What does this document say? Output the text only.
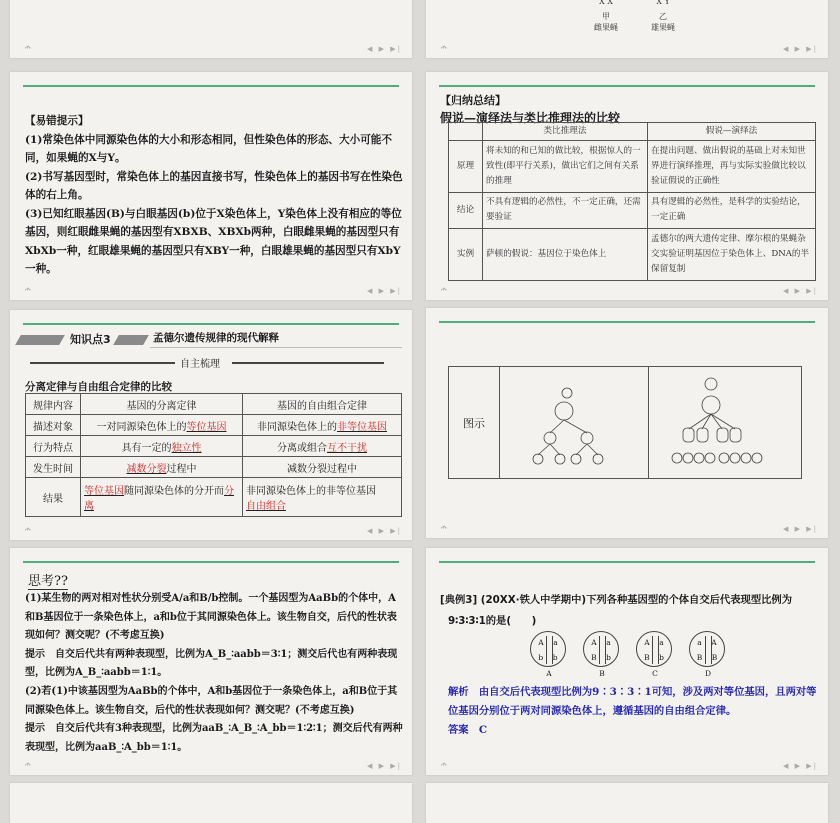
ሐ	◀ ▶ ▶|
X X	X Y
甲	乙
雌果蝇	雄果蝇
ሐ	◀ ▶ ▶|
【易错提示】
(1)常染色体中同源染色体的大小和形态相同，但性染色体的形态、大小可能不同，如果蝇的X与Y。
(2)书写基因型时，常染色体上的基因直接书写，性染色体上的基因书写在性染色体的右上角。
(3)已知红眼基因(B)与白眼基因(b)位于X染色体上，Y染色体上没有相应的等位基因，则红眼雌果蝇的基因型有XBXB、XBXb两种，白眼雌果蝇的基因型只有XbXb一种，红眼雄果蝇的基因型只有XBY一种，白眼雄果蝇的基因型只有XbY一种。
ሐ	◀ ▶ ▶|
【归纳总结】
假说—演绎法与类比推理法的比较
	类比推理法	假说—演绎法
原理	将未知的和已知的做比较，根据惊人的一致性(即平行关系)，做出它们之间有关系的推理	在提出问题、做出假说的基础上对未知世界进行演绎推理，再与实际实验做比较以验证假说的正确性
结论	不具有逻辑的必然性，不一定正确，还需要验证	具有逻辑的必然性，是科学的实验结论，一定正确
实例	萨顿的假说：基因位于染色体上	孟德尔的两大遗传定律、摩尔根的果蝇杂交实验证明基因位于染色体上、DNA的半保留复制
ሐ	◀ ▶ ▶|
知识点3	孟德尔遗传规律的现代解释
自主梳理
分离定律与自由组合定律的比较
规律内容	基因的分离定律	基因的自由组合定律
描述对象	一对同源染色体上的等位基因	非同源染色体上的非等位基因
行为特点	具有一定的独立性	分离或组合互不干扰
发生时间	减数分裂过程中	减数分裂过程中
结果	等位基因随同源染色体的分开而分离	非同源染色体上的非等位基因
自由组合
ሐ	◀ ▶ ▶|
图示		
ሐ	◀ ▶ ▶|
思考??
(1)某生物的两对相对性状分别受A/a和B/b控制。一个基因型为AaBb的个体中，A和B基因位于一条染色体上，a和b位于其同源染色体上。该生物自交，后代的性状表现如何？测交呢？(不考虑互换)
提示　自交后代共有两种表现型，比例为A_B_∶aabb＝3∶1；测交后代也有两种表现型，比例为A_B_∶aabb＝1∶1。
(2)若(1)中该基因型为AaBb的个体中，A和b基因位于一条染色体上，a和B位于其同源染色体上。该生物自交，后代的性状表现如何？测交呢？(不考虑互换)
提示　自交后代共有3种表现型，比例为aaB_∶A_B_∶A_bb＝1∶2∶1；测交后代有两种表现型，比例为aaB_∶A_bb＝1∶1。
ሐ	◀ ▶ ▶|
[典例3] (20XX·铁人中学期中)下列各种基因型的个体自交后代表现型比例为9∶3∶3∶1的是(　　)
A a
b b
A
A a
B b
B
A a
B b
C
a A
B B
D
解析　由自交后代表现型比例为9∶3∶3∶1可知，涉及两对等位基因，且两对等位基因分别位于两对同源染色体上，遵循基因的自由组合定律。
答案　C
ሐ	◀ ▶ ▶|
